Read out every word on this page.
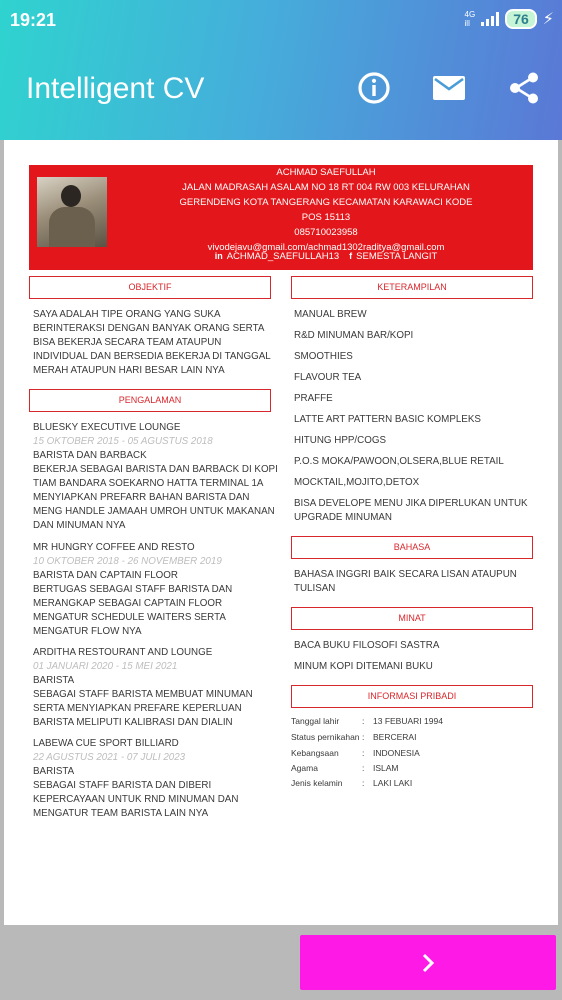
19:21	4G
ill	76 ⚡
Intelligent CV
ACHMAD SAEFULLAH
JALAN MADRASAH ASALAM NO 18 RT 004 RW 003 KELURAHAN
GERENDENG KOTA TANGERANG KECAMATAN KARAWACI KODE
POS 15113
085710023958
vivodejavu@gmail.com/achmad1302raditya@gmail.com
in ACHMAD_SAEFULLAH13 f SEMESTA LANGIT
OBJEKTIF
SAYA ADALAH TIPE ORANG YANG SUKA
BERINTERAKSI DENGAN BANYAK ORANG SERTA
BISA BEKERJA SECARA TEAM ATAUPUN
INDIVIDUAL DAN BERSEDIA BEKERJA DI TANGGAL
MERAH ATAUPUN HARI BESAR LAIN NYA
PENGALAMAN
BLUESKY EXECUTIVE LOUNGE
15 OKTOBER 2015 - 05 AGUSTUS 2018
BARISTA DAN BARBACK
BEKERJA SEBAGAI BARISTA DAN BARBACK DI KOPI
TIAM BANDARA SOEKARNO HATTA TERMINAL 1A
MENYIAPKAN PREFARR BAHAN BARISTA DAN
MENG HANDLE JAMAAH UMROH UNTUK MAKANAN
DAN MINUMAN NYA
MR HUNGRY COFFEE AND RESTO
10 OKTOBER 2018 - 26 NOVEMBER 2019
BARISTA DAN CAPTAIN FLOOR
BERTUGAS SEBAGAI STAFF BARISTA DAN
MERANGKAP SEBAGAI CAPTAIN FLOOR
MENGATUR SCHEDULE WAITERS SERTA
MENGATUR FLOW NYA
ARDITHA RESTOURANT AND LOUNGE
01 JANUARI 2020 - 15 MEI 2021
BARISTA
SEBAGAI STAFF BARISTA MEMBUAT MINUMAN
SERTA MENYIAPKAN PREFARE KEPERLUAN
BARISTA MELIPUTI KALIBRASI DAN DIALIN
LABEWA CUE SPORT BILLIARD
22 AGUSTUS 2021 - 07 JULI 2023
BARISTA
SEBAGAI STAFF BARISTA DAN DIBERI
KEPERCAYAAN UNTUK RND MINUMAN DAN
MENGATUR TEAM BARISTA LAIN NYA
KETERAMPILAN
MANUAL BREW
R&D MINUMAN BAR/KOPI
SMOOTHIES
FLAVOUR TEA
PRAFFE
LATTE ART PATTERN BASIC KOMPLEKS
HITUNG HPP/COGS
P.O.S MOKA/PAWOON,OLSERA,BLUE RETAIL
MOCKTAIL,MOJITO,DETOX
BISA DEVELOPE MENU JIKA DIPERLUKAN UNTUK
UPGRADE MINUMAN
BAHASA
BAHASA INGGRI BAIK SECARA LISAN ATAUPUN
TULISAN
MINAT
BACA BUKU FILOSOFI SASTRA
MINUM KOPI DITEMANI BUKU
INFORMASI PRIBADI
Tanggal lahir	: 13 FEBUARI 1994
Status pernikahan : BERCERAI
Kebangsaan	: INDONESIA
Agama	: ISLAM
Jenis kelamin : LAKI LAKI
